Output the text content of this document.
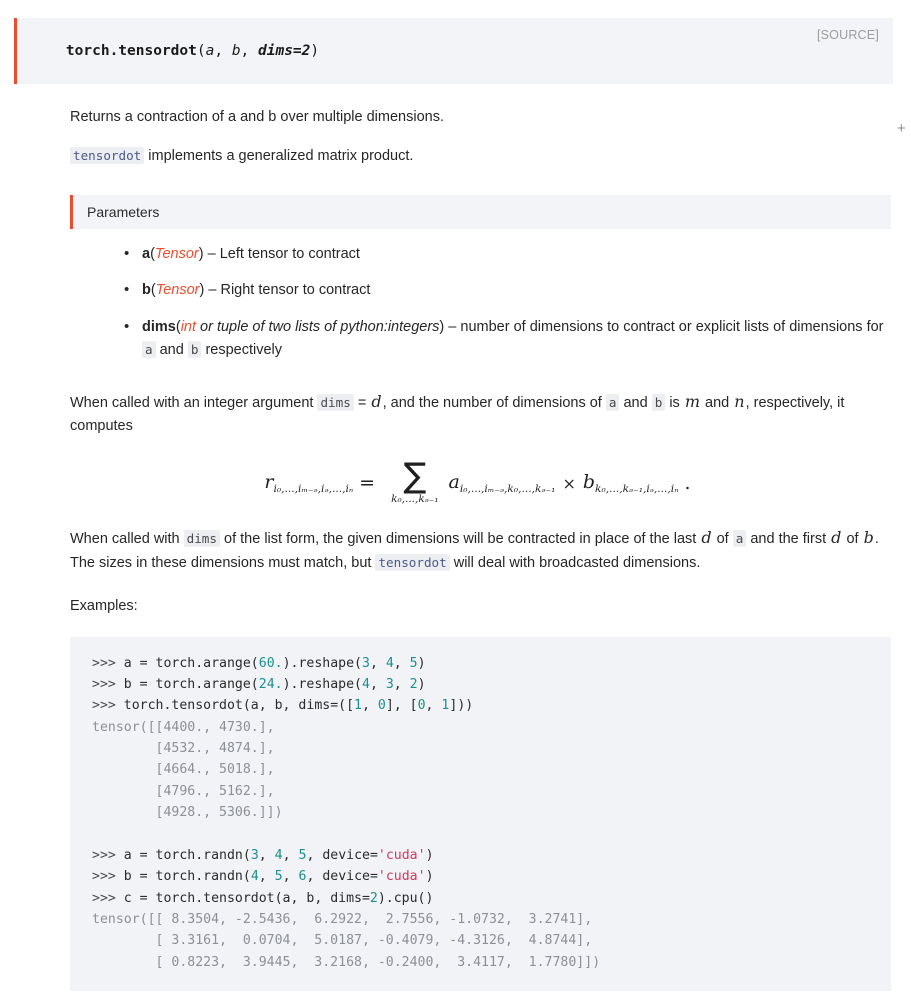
torch.tensordot(a, b, dims=2)

[SOURCE]
+

Returns a contraction of a and b over multiple dimensions.

tensordot implements a generalized matrix product.

Parameters
• a(Tensor) – Left tensor to contract
• b(Tensor) – Right tensor to contract
• dims(int or tuple of two lists of python:integers) – number of dimensions to contract or explicit lists of dimensions for a and b respectively

When called with an integer argument dims = d, and the number of dimensions of a and b is m and n, respectively, it computes

ri₀,...,iₘ₋ₔ,iₔ,...,iₙ = ∑
k₀,...,kₔ₋₁
ai₀,...,iₘ₋ₔ,k₀,...,kₔ₋₁ × bk₀,...,kₔ₋₁,iₔ,...,iₙ .

When called with dims of the list form, the given dimensions will be contracted in place of the last d of a and the first d of b. The sizes in these dimensions must match, but tensordot will deal with broadcasted dimensions.

Examples:

>>> a = torch.arange(60.).reshape(3, 4, 5)
>>> b = torch.arange(24.).reshape(4, 3, 2)
>>> torch.tensordot(a, b, dims=([1, 0], [0, 1]))
tensor([[4400., 4730.],
[4532., 4874.],
[4664., 5018.],
[4796., 5162.],
[4928., 5306.]])

>>> a = torch.randn(3, 4, 5, device='cuda')
>>> b = torch.randn(4, 5, 6, device='cuda')
>>> c = torch.tensordot(a, b, dims=2).cpu()
tensor([[ 8.3504, -2.5436,  6.2922,  2.7556, -1.0732,  3.2741],
[ 3.3161,  0.0704,  5.0187, -0.4079, -4.3126,  4.8744],
[ 0.8223,  3.9445,  3.2168, -0.2400,  3.4117,  1.7780]])
